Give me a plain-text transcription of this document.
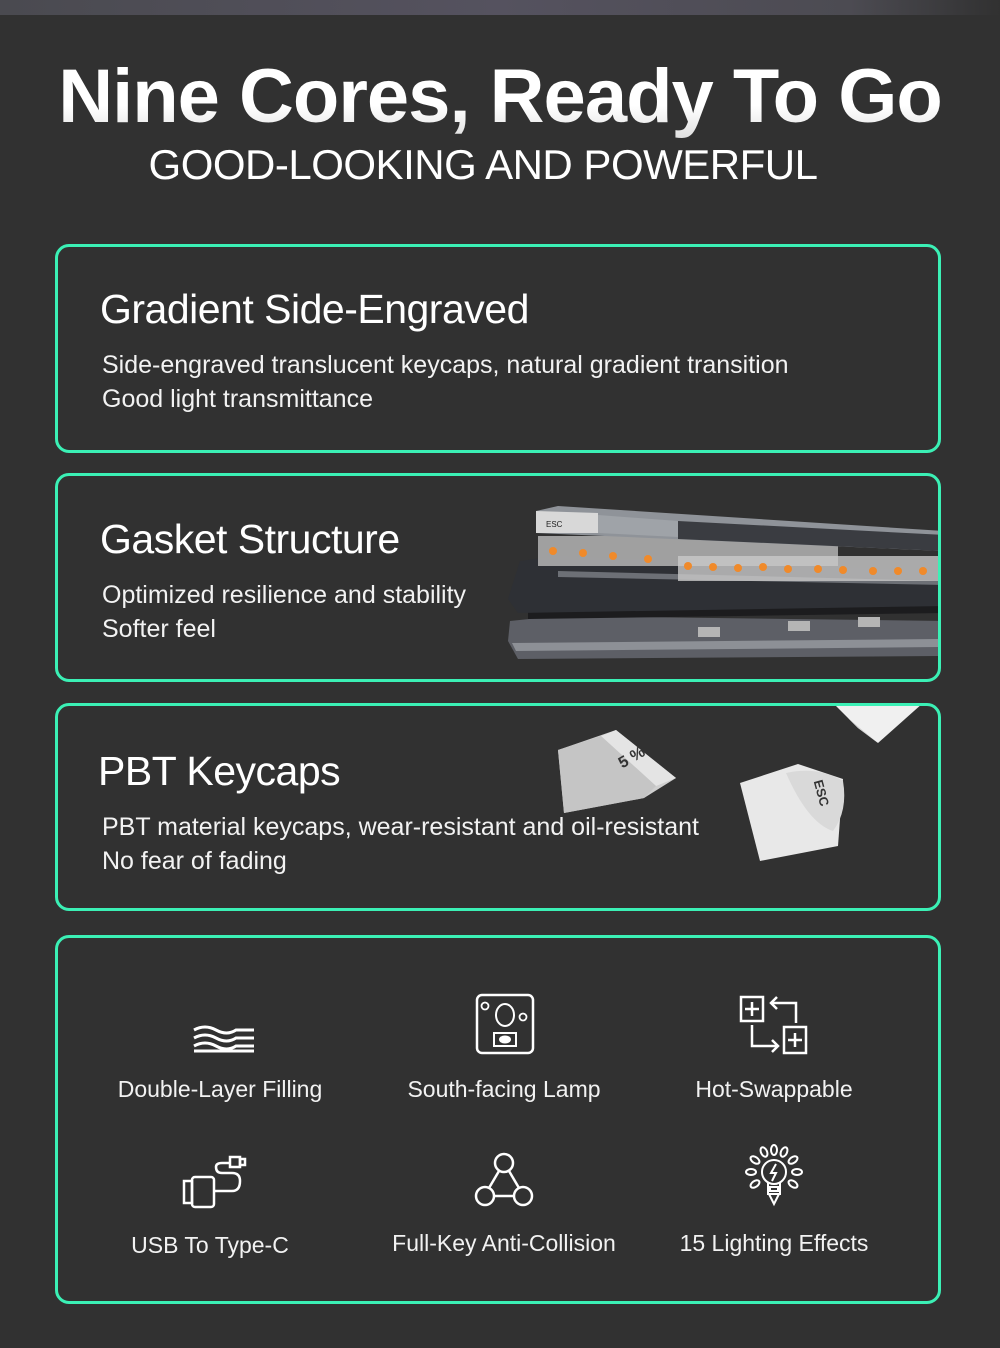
Nine Cores, Ready To Go
GOOD-LOOKING AND POWERFUL
Gradient Side-Engraved
Side-engraved translucent keycaps, natural gradient transition
Good light transmittance
ESC
Gasket Structure
Optimized resilience and stability
Softer feel
5 %
ESC
PBT Keycaps
PBT material keycaps, wear-resistant and oil-resistant
No fear of fading
Double-Layer Filling	South-facing Lamp	Hot-Swappable
USB To Type-C	Full-Key Anti-Collision	15 Lighting Effects
